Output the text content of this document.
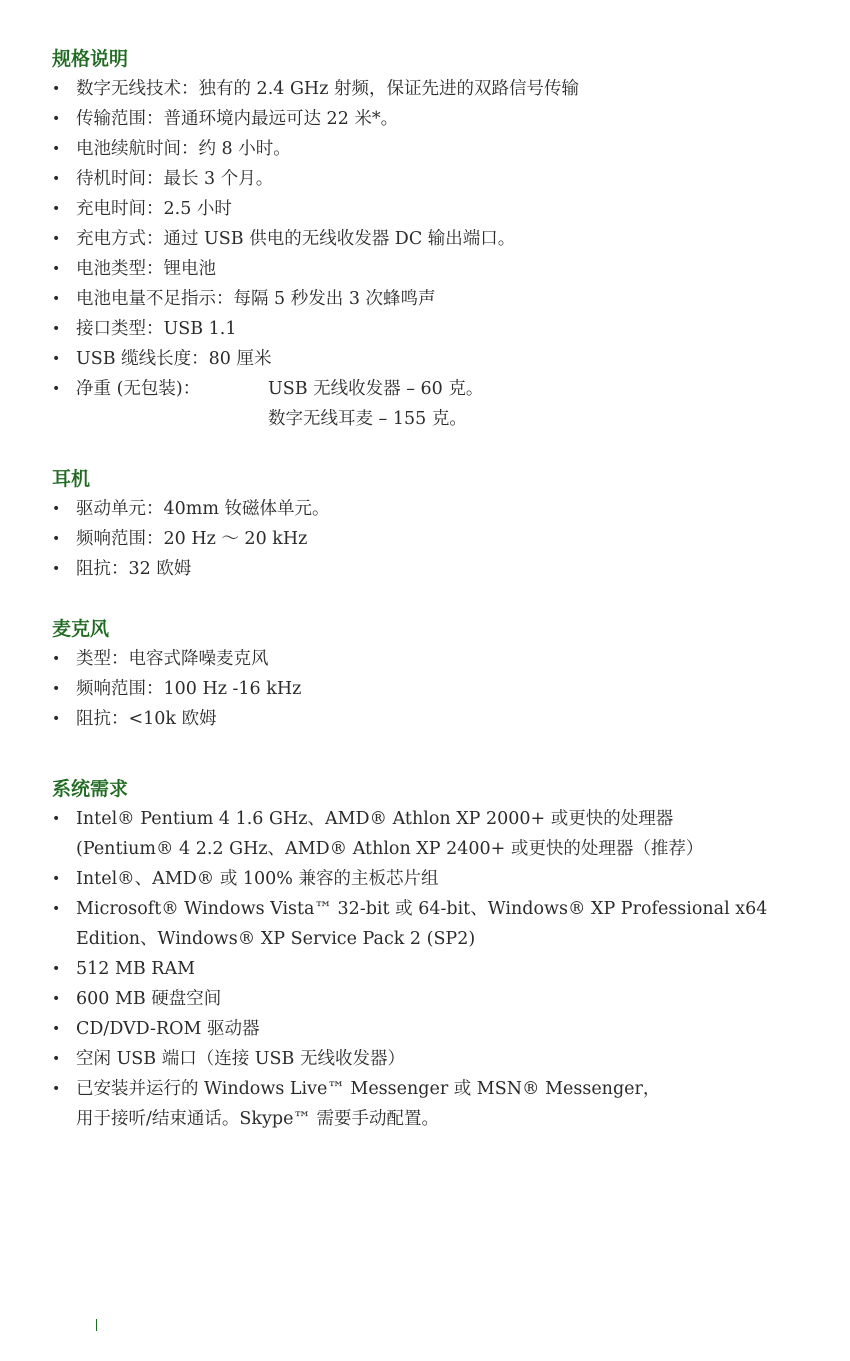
规格说明
• 数字无线技术：独有的 2.4 GHz 射频，保证先进的双路信号传输
• 传输范围：普通环境内最远可达 22 米*。
• 电池续航时间：约 8 小时。
• 待机时间：最长 3 个月。
• 充电时间：2.5 小时
• 充电方式：通过 USB 供电的无线收发器 DC 输出端口。
• 电池类型：锂电池
• 电池电量不足指示：每隔 5 秒发出 3 次蜂鸣声
• 接口类型：USB 1.1
• USB 缆线长度：80 厘米
• 净重 (无包装)：	USB 无线收发器 – 60 克。
数字无线耳麦 – 155 克。
耳机
• 驱动单元：40mm 钕磁体单元。
• 频响范围：20 Hz ～ 20 kHz
• 阻抗：32 欧姆
麦克风
• 类型：电容式降噪麦克风
• 频响范围：100 Hz -16 kHz
• 阻抗：<10k 欧姆
系统需求
• Intel® Pentium 4 1.6 GHz、AMD® Athlon XP 2000+ 或更快的处理器
(Pentium® 4 2.2 GHz、AMD® Athlon XP 2400+ 或更快的处理器（推荐）
• Intel®、AMD® 或 100% 兼容的主板芯片组
• Microsoft® Windows Vista™ 32-bit 或 64-bit、Windows® XP Professional x64
Edition、Windows® XP Service Pack 2 (SP2)
• 512 MB RAM
• 600 MB 硬盘空间
• CD/DVD-ROM 驱动器
• 空闲 USB 端口（连接 USB 无线收发器）
• 已安装并运行的 Windows Live™ Messenger 或 MSN® Messenger，
用于接听/结束通话。Skype™ 需要手动配置。
